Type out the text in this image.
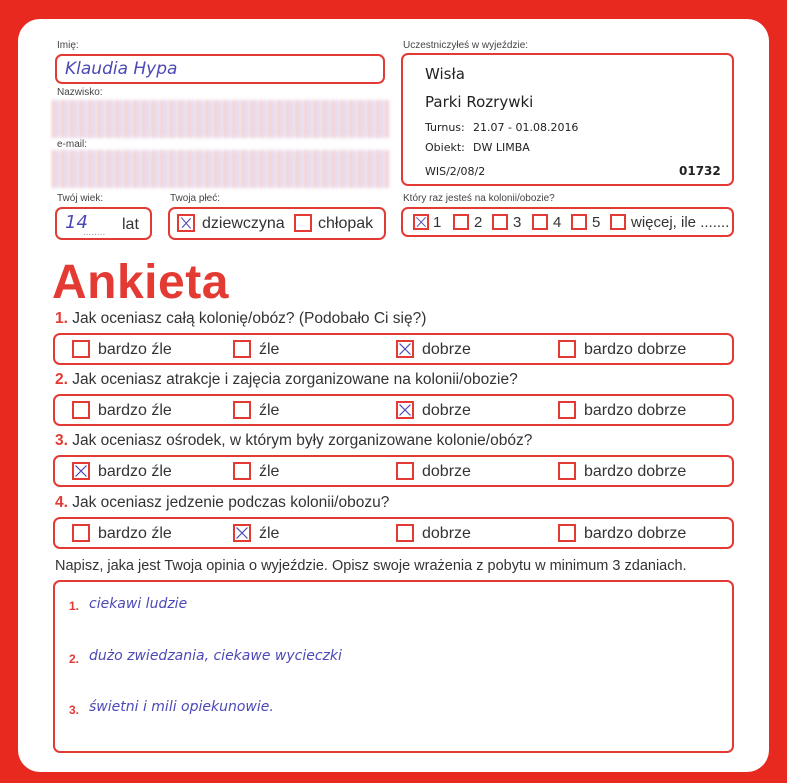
Imię:
Klaudia Hypa
Nazwisko:
e-mail:
Twój wiek:
14
........ lat
Twoja płeć:
dziewczyna chłopak
Uczestniczyłeś w wyjeździe:
Wisła
Parki Rozrywki
Turnus: 21.07 - 01.08.2016
Obiekt: DW LIMBA
WIS/2/08/2	01732
Który raz jesteś na kolonii/obozie?
1 2 3 4 5 więcej, ile .......
Ankieta
1. Jak oceniasz całą kolonię/obóz? (Podobało Ci się?)
bardzo źle	źle	dobrze	bardzo dobrze
2. Jak oceniasz atrakcje i zajęcia zorganizowane na kolonii/obozie?
bardzo źle	źle	dobrze	bardzo dobrze
3. Jak oceniasz ośrodek, w którym były zorganizowane kolonie/obóz?
bardzo źle	źle	dobrze	bardzo dobrze
4. Jak oceniasz jedzenie podczas kolonii/obozu?
bardzo źle	źle	dobrze	bardzo dobrze
Napisz, jaka jest Twoja opinia o wyjeździe. Opisz swoje wrażenia z pobytu w minimum 3 zdaniach.
1. ciekawi ludzie
2. dużo zwiedzania, ciekawe wycieczki
3. świetni i mili opiekunowie.
